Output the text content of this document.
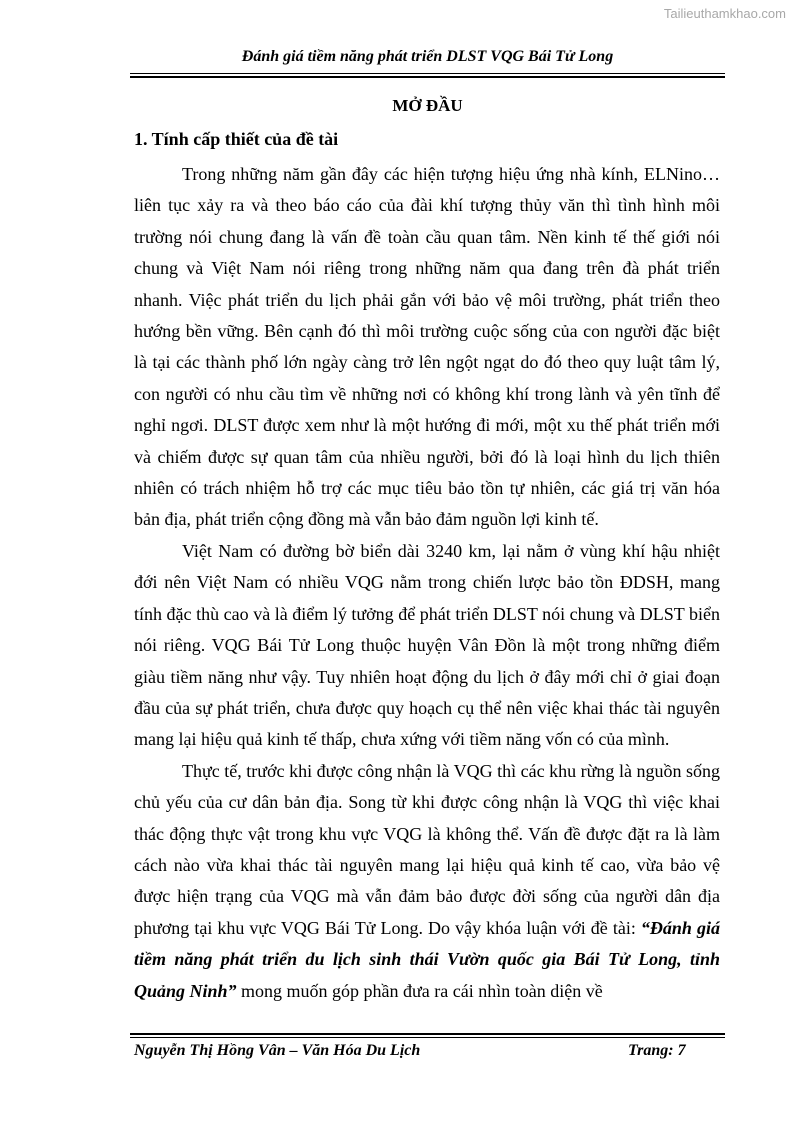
Tailieuthamkhao.com
Đánh giá tiềm năng phát triển DLST VQG Bái Tử Long
MỞ ĐẦU
1. Tính cấp thiết của đề tài

Trong những năm gần đây các hiện tượng hiệu ứng nhà kính, ELNino… liên tục xảy ra và theo báo cáo của đài khí tượng thủy văn thì tình hình môi trường nói chung đang là vấn đề toàn cầu quan tâm. Nền kinh tế thế giới nói chung và Việt Nam nói riêng trong những năm qua đang trên đà phát triển nhanh. Việc phát triển du lịch phải gắn với bảo vệ môi trường, phát triển theo hướng bền vững. Bên cạnh đó thì môi trường cuộc sống của con người đặc biệt là tại các thành phố lớn ngày càng trở lên ngột ngạt do đó theo quy luật tâm lý, con người có nhu cầu tìm về những nơi có không khí trong lành và yên tĩnh để nghỉ ngơi. DLST được xem như là một hướng đi mới, một xu thế phát triển mới và chiếm được sự quan tâm của nhiều người, bởi đó là loại hình du lịch thiên nhiên có trách nhiệm hỗ trợ các mục tiêu bảo tồn tự nhiên, các giá trị văn hóa bản địa, phát triển cộng đồng mà vẫn bảo đảm nguồn lợi kinh tế.

Việt Nam có đường bờ biển dài 3240 km, lại nằm ở vùng khí hậu nhiệt đới nên Việt Nam có nhiều VQG nằm trong chiến lược bảo tồn ĐDSH, mang tính đặc thù cao và là điểm lý tưởng để phát triển DLST nói chung và DLST biển nói riêng. VQG Bái Tử Long thuộc huyện Vân Đồn là một trong những điểm giàu tiềm năng như vậy. Tuy nhiên hoạt động du lịch ở đây mới chỉ ở giai đoạn đầu của sự phát triển, chưa được quy hoạch cụ thể nên việc khai thác tài nguyên mang lại hiệu quả kinh tế thấp, chưa xứng với tiềm năng vốn có của mình.

Thực tế, trước khi được công nhận là VQG thì các khu rừng là nguồn sống chủ yếu của cư dân bản địa. Song từ khi được công nhận là VQG thì việc khai thác động thực vật trong khu vực VQG là không thể. Vấn đề được đặt ra là làm cách nào vừa khai thác tài nguyên mang lại hiệu quả kinh tế cao, vừa bảo vệ được hiện trạng của VQG mà vẫn đảm bảo được đời sống của người dân địa phương tại khu vực VQG Bái Tử Long. Do vậy khóa luận với đề tài: “Đánh giá tiềm năng phát triển du lịch sinh thái Vườn quốc gia Bái Tử Long, tỉnh Quảng Ninh” mong muốn góp phần đưa ra cái nhìn toàn diện về

Nguyễn Thị Hồng Vân – Văn Hóa Du Lịch	Trang: 7
